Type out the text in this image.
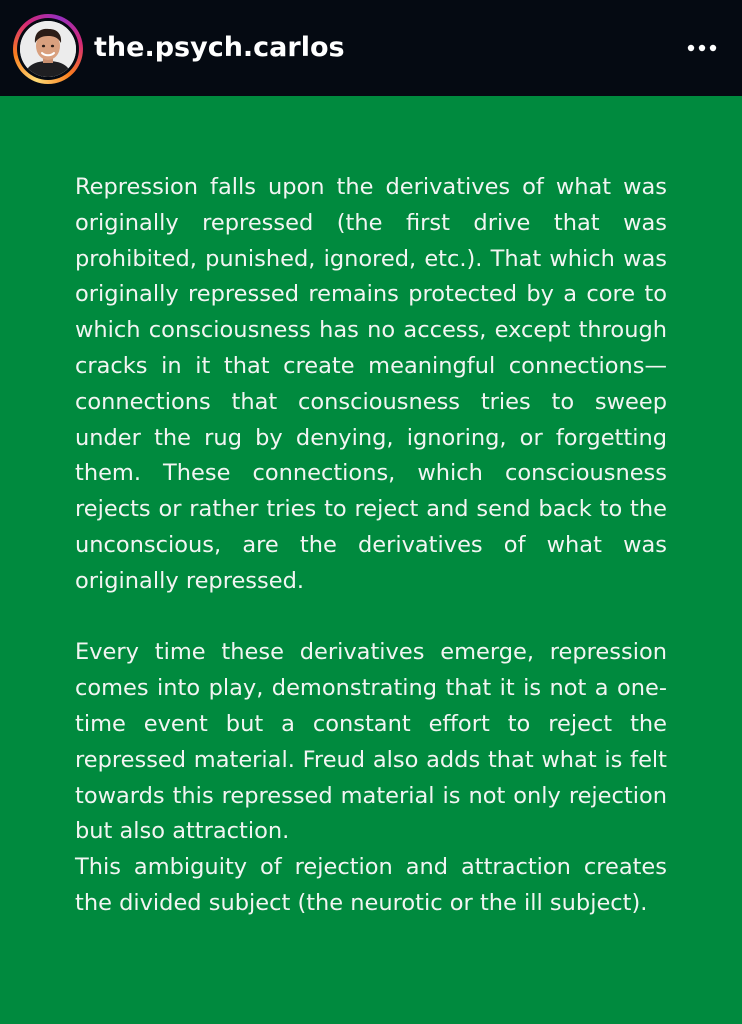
the.psych.carlos

Repression falls upon the derivatives of what was originally repressed (the first drive that was prohibited, punished, ignored, etc.). That which was originally repressed remains protected by a core to which consciousness has no access, except through cracks in it that create meaningful connections—connections that consciousness tries to sweep under the rug by denying, ignoring, or forgetting them. These connections, which consciousness rejects or rather tries to reject and send back to the unconscious, are the derivatives of what was originally repressed.

Every time these derivatives emerge, repression comes into play, demonstrating that it is not a one-time event but a constant effort to reject the repressed material. Freud also adds that what is felt towards this repressed material is not only rejection but also attraction.

This ambiguity of rejection and attraction creates the divided subject (the neurotic or the ill subject).
